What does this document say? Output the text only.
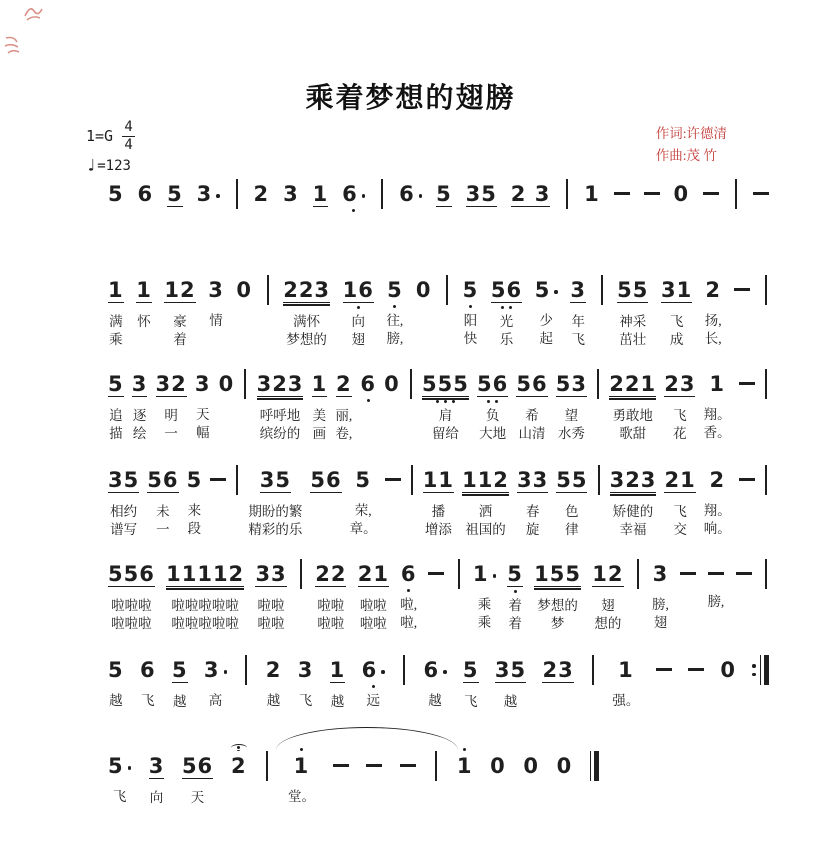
乘着梦想的翅膀
$1=G \frac{4}{4}$
♩ =123
作词:许德清
作曲:茂 竹
5 6 5 3 2 3 1 6 6 5 35 2 3 1	0
1
满
乘
1
怀
12
豪
着
3
情
0 223
满怀
梦想的
16
向
翅
5
往,
膀,
0 5
阳
快
56
光
乐
5
少
起
3
年
飞
55
神采
茁壮
31
飞
成
2
扬,
长,
5
追
描
3
逐
绘
32
明
一
3
天
幅
0 323
呼呼地
缤纷的
1
美
画
2
丽,
卷,
6 0 555
肩
留给
56
负
大地
56
希
山清
53
望
水秀
221
勇敢地
歌甜
23
飞
花
1
翔。
香。
35
相约
谱写
56
未
一
5
来
段
35
期盼的繁
精彩的乐
56 5
荣,
章。
11
播
增添
112
洒
祖国的
33
春
旋
55
色
律
323
矫健的
幸福
21
飞
交
2
翔。
响。
556
啦啦啦
啦啦啦
11112
啦啦啦啦啦
啦啦啦啦啦
33
啦啦
啦啦
22
啦啦
啦啦
21
啦啦
啦啦
6
啦,
啦,
1
乘
乘
5
着
着
155
梦想的
梦
12
翅
想的
3
膀,
翅
膀,
5
越
6
飞
5
越
3
高
2
越
3
飞
1
越
6
远
6
越
5
飞
35
越
23 1
强。
0
5
飞
3
向
56
天
2 1
堂。
1 0 0 0
